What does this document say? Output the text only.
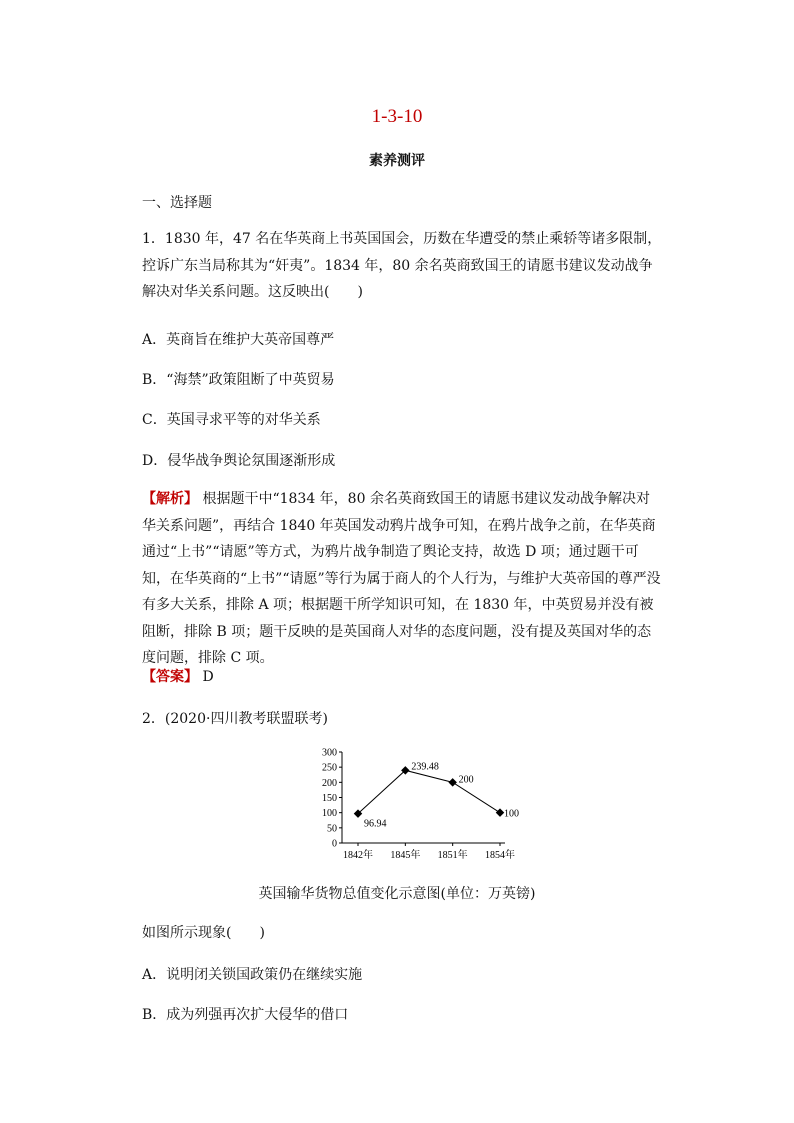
1-3-10
素养测评
一、选择题
1．1830 年，47 名在华英商上书英国国会，历数在华遭受的禁止乘轿等诸多限制，控诉广东当局称其为“奸夷”。1834 年，80 余名英商致国王的请愿书建议发动战争解决对华关系问题。这反映出(　　)
A．英商旨在维护大英帝国尊严
B．“海禁”政策阻断了中英贸易
C．英国寻求平等的对华关系
D．侵华战争舆论氛围逐渐形成
【解析】 根据题干中“1834 年，80 余名英商致国王的请愿书建议发动战争解决对华关系问题”，再结合 1840 年英国发动鸦片战争可知，在鸦片战争之前，在华英商通过“上书”“请愿”等方式，为鸦片战争制造了舆论支持，故选 D 项；通过题干可知，在华英商的“上书”“请愿”等行为属于商人的个人行为，与维护大英帝国的尊严没有多大关系，排除 A 项；根据题干所学知识可知，在 1830 年，中英贸易并没有被阻断，排除 B 项；题干反映的是英国商人对华的态度问题，没有提及英国对华的态度问题，排除 C 项。
【答案】 D
2．(2020·四川教考联盟联考)
0
50
100
150
200
250
300
1842年 1845年 1851年 1854年
96.94
239.48
200
100
英国输华货物总值变化示意图(单位：万英镑)
如图所示现象(　　)
A．说明闭关锁国政策仍在继续实施
B．成为列强再次扩大侵华的借口
